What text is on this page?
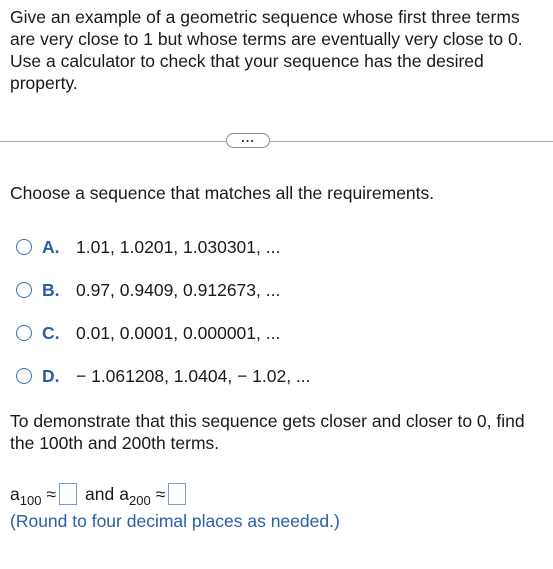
Give an example of a geometric sequence whose first three terms are very close to 1 but whose terms are eventually very close to 0. Use a calculator to check that your sequence has the desired property.
...
Choose a sequence that matches all the requirements.
A. 1.01, 1.0201, 1.030301, ...
B. 0.97, 0.9409, 0.912673, ...
C. 0.01, 0.0001, 0.000001, ...
D. − 1.061208, 1.0404, − 1.02, ...
To demonstrate that this sequence gets closer and closer to 0, find the 100th and 200th terms.
$a_{100}$ ≈ and $a_{200}$ ≈
(Round to four decimal places as needed.)
